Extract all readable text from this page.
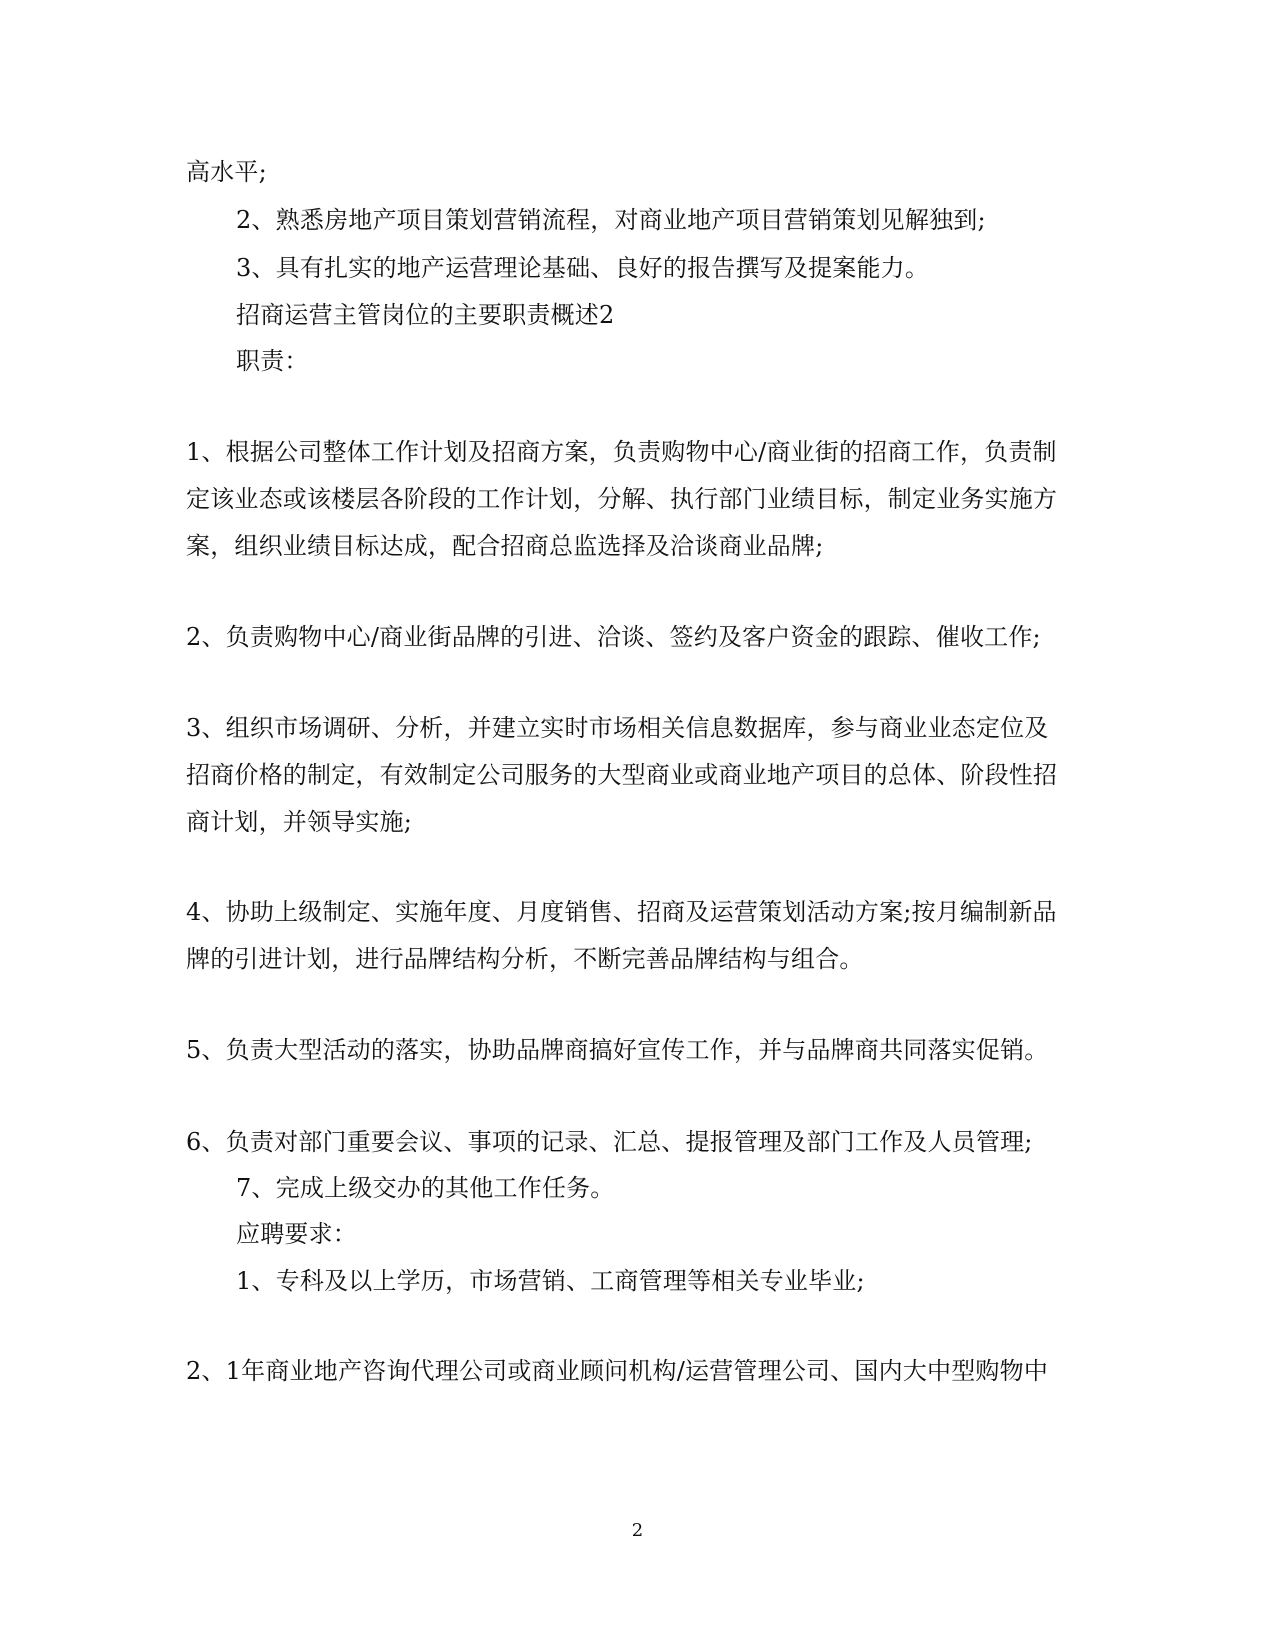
高水平;
2、熟悉房地产项目策划营销流程，对商业地产项目营销策划见解独到;
3、具有扎实的地产运营理论基础、良好的报告撰写及提案能力。
招商运营主管岗位的主要职责概述2
职责：
1、根据公司整体工作计划及招商方案，负责购物中心/商业街的招商工作，负责制
定该业态或该楼层各阶段的工作计划，分解、执行部门业绩目标，制定业务实施方
案，组织业绩目标达成，配合招商总监选择及洽谈商业品牌;
2、负责购物中心/商业街品牌的引进、洽谈、签约及客户资金的跟踪、催收工作;
3、组织市场调研、分析，并建立实时市场相关信息数据库，参与商业业态定位及
招商价格的制定，有效制定公司服务的大型商业或商业地产项目的总体、阶段性招
商计划，并领导实施;
4、协助上级制定、实施年度、月度销售、招商及运营策划活动方案;按月编制新品
牌的引进计划，进行品牌结构分析，不断完善品牌结构与组合。
5、负责大型活动的落实，协助品牌商搞好宣传工作，并与品牌商共同落实促销。
6、负责对部门重要会议、事项的记录、汇总、提报管理及部门工作及人员管理;
7、完成上级交办的其他工作任务。
应聘要求：
1、专科及以上学历，市场营销、工商管理等相关专业毕业;
2、1年商业地产咨询代理公司或商业顾问机构/运营管理公司、国内大中型购物中
2
